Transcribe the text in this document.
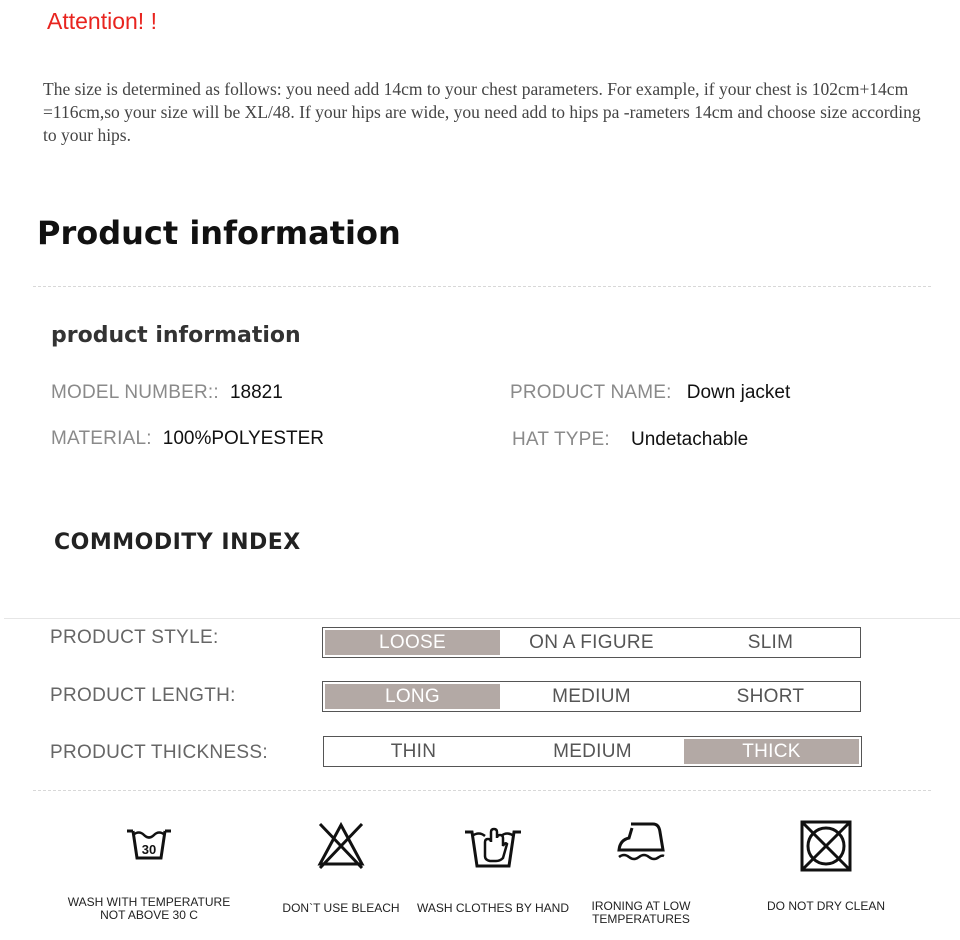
Attention! !
The size is determined as follows: you need add 14cm to your chest parameters. For example, if your chest is 102cm+14cm =116cm,so your size will be XL/48. If your hips are wide, you need add to hips pa -rameters 14cm and choose size according to your hips.
Product information
product information
MODEL NUMBER:: 18821	PRODUCT NAME: Down jacket
MATERIAL: 100%POLYESTER	HAT TYPE: Undetachable
COMMODITY INDEX
PRODUCT STYLE:	LOOSE	ON A FIGURE	SLIM
PRODUCT LENGTH:	LONG	MEDIUM	SHORT
PRODUCT THICKNESS:	THIN	MEDIUM	THICK
30
WASH WITH TEMPERATURE
NOT ABOVE 30 C	DON`T USE BLEACH	WASH CLOTHES BY HAND	IRONING AT LOW
TEMPERATURES
DO NOT DRY CLEAN
